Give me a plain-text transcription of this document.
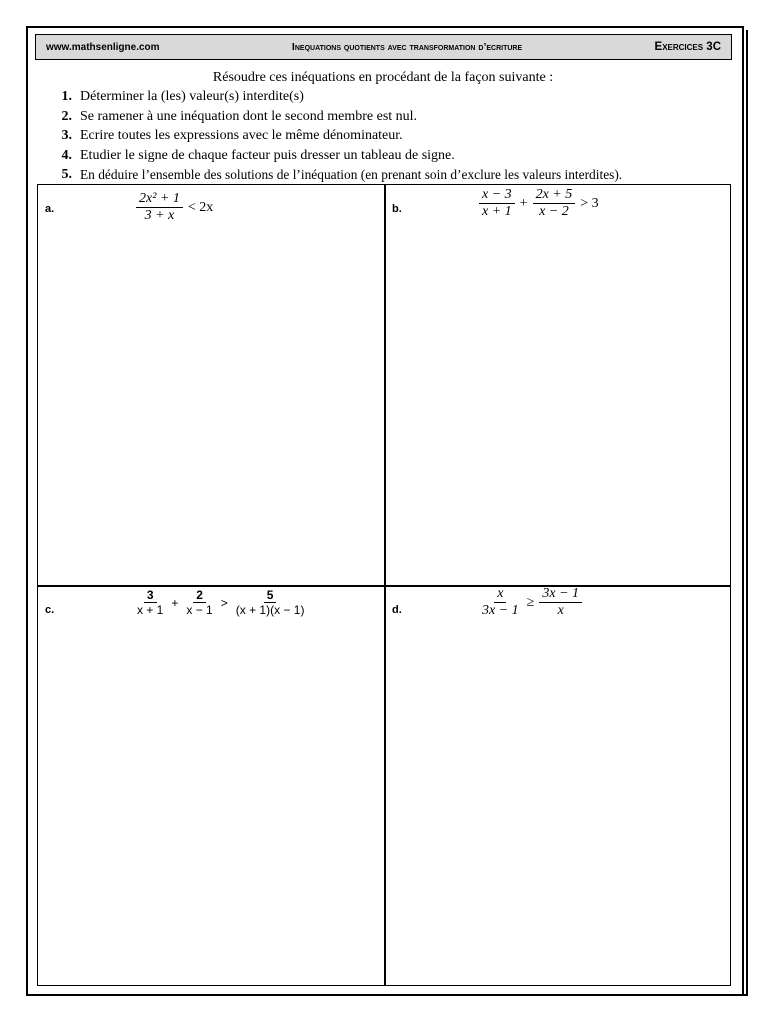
www.mathsenligne.com	Inequations quotients avec transformation d’ecriture	Exercices 3C

Résoudre ces inéquations en procédant de la façon suivante :

1. Déterminer la (les) valeur(s) interdite(s)
2. Se ramener à une inéquation dont le second membre est nul.
3. Ecrire toutes les expressions avec le même dénominateur.
4. Etudier le signe de chaque facteur puis dresser un tableau de signe.
5. En déduire l’ensemble des solutions de l’inéquation (en prenant soin d’exclure les valeurs interdites).
a.	$\frac{\text{2x² + 1}}{3 + x} < 2x$	b.	$\frac{x - 3}{x + 1} + \frac{2x + 5}{x - 2} > 3$
c.	$\frac{3}{x + 1} + \frac{2}{x - 1} > \frac{5}{(x + 1)(x - 1)}$	d.	$\frac{x}{3x - 1} \ge \frac{3x - 1}{x}$
